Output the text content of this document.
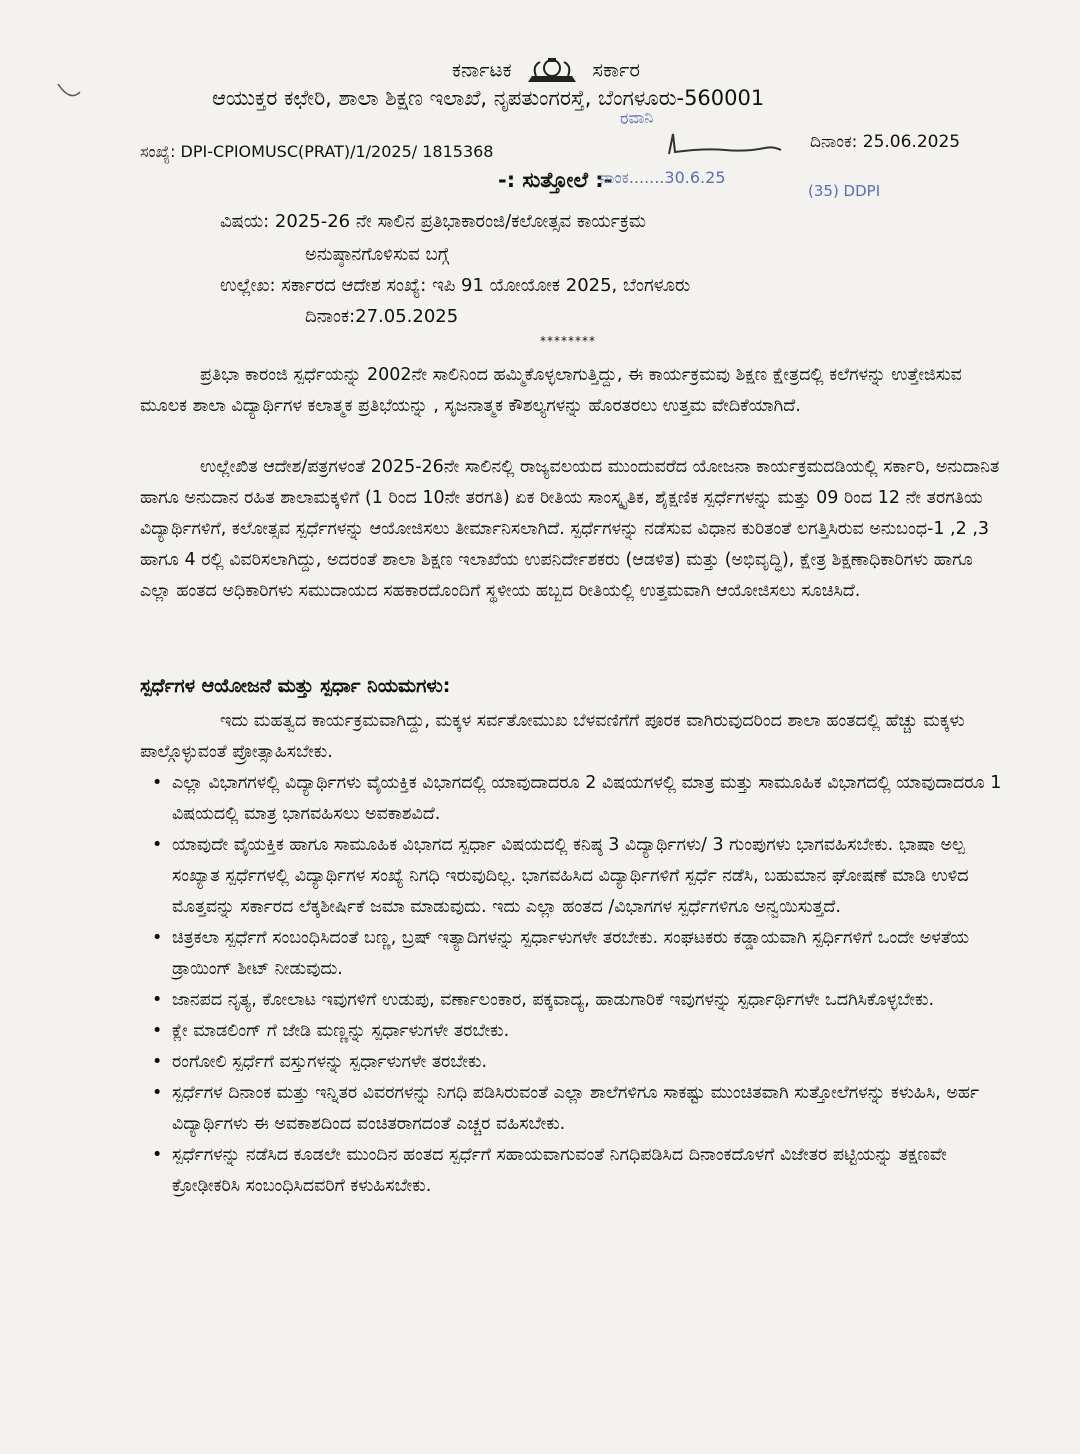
ಕರ್ನಾಟಕ	ಸರ್ಕಾರ
ಆಯುಕ್ತರ ಕಛೇರಿ, ಶಾಲಾ ಶಿಕ್ಷಣ ಇಲಾಖೆ, ನೃಪತುಂಗರಸ್ತೆ, ಬೆಂಗಳೂರು-560001
ರವಾನಿ
ಸಂಖ್ಯೆ: DPI-CPIOMUSC(PRAT)/1/2025/ 1815368	ದಿನಾಂಕ: 25.06.2025
-: ಸುತ್ತೋಲೆ :-
ನಾಂಕ.......30.6.25
(35) DDPI
ವಿಷಯ: 2025-26 ನೇ ಸಾಲಿನ ಪ್ರತಿಭಾಕಾರಂಜಿ/ಕಲೋತ್ಸವ ಕಾರ್ಯಕ್ರಮ
ಅನುಷ್ಠಾನಗೊಳಿಸುವ ಬಗ್ಗೆ
ಉಲ್ಲೇಖ: ಸರ್ಕಾರದ ಆದೇಶ ಸಂಖ್ಯೆ: ಇಪಿ 91 ಯೋಯೋಕ 2025, ಬೆಂಗಳೂರು
ದಿನಾಂಕ:27.05.2025
********
ಪ್ರತಿಭಾ ಕಾರಂಜಿ ಸ್ಪರ್ಧೆಯನ್ನು 2002ನೇ ಸಾಲಿನಿಂದ ಹಮ್ಮಿಕೊಳ್ಳಲಾಗುತ್ತಿದ್ದು, ಈ ಕಾರ್ಯಕ್ರಮವು ಶಿಕ್ಷಣ ಕ್ಷೇತ್ರದಲ್ಲಿ ಕಲೆಗಳನ್ನು ಉತ್ತೇಜಿಸುವ ಮೂಲಕ ಶಾಲಾ ವಿದ್ಯಾರ್ಥಿಗಳ ಕಲಾತ್ಮಕ ಪ್ರತಿಭೆಯನ್ನು , ಸೃಜನಾತ್ಮಕ ಕೌಶಲ್ಯಗಳನ್ನು ಹೊರತರಲು ಉತ್ತಮ ವೇದಿಕೆಯಾಗಿದೆ.
ಉಲ್ಲೇಖಿತ ಆದೇಶ/ಪತ್ರಗಳಂತೆ 2025-26ನೇ ಸಾಲಿನಲ್ಲಿ ರಾಜ್ಯವಲಯದ ಮುಂದುವರೆದ ಯೋಜನಾ ಕಾರ್ಯಕ್ರಮದಡಿಯಲ್ಲಿ ಸರ್ಕಾರಿ, ಅನುದಾನಿತ ಹಾಗೂ ಅನುದಾನ ರಹಿತ ಶಾಲಾಮಕ್ಕಳಿಗೆ (1 ರಿಂದ 10ನೇ ತರಗತಿ) ಏಕ ರೀತಿಯ ಸಾಂಸ್ಕೃತಿಕ, ಶೈಕ್ಷಣಿಕ ಸ್ಪರ್ಧೆಗಳನ್ನು ಮತ್ತು 09 ರಿಂದ 12 ನೇ ತರಗತಿಯ ವಿದ್ಯಾರ್ಥಿಗಳಿಗೆ, ಕಲೋತ್ಸವ ಸ್ಪರ್ಧೆಗಳನ್ನು ಆಯೋಜಿಸಲು ತೀರ್ಮಾನಿಸಲಾಗಿದೆ. ಸ್ಪರ್ಧೆಗಳನ್ನು ನಡೆಸುವ ವಿಧಾನ ಕುರಿತಂತೆ ಲಗತ್ತಿಸಿರುವ ಅನುಬಂಧ-1 ,2 ,3 ಹಾಗೂ 4 ರಲ್ಲಿ ವಿವರಿಸಲಾಗಿದ್ದು, ಅದರಂತೆ ಶಾಲಾ ಶಿಕ್ಷಣ ಇಲಾಖೆಯ ಉಪನಿರ್ದೇಶಕರು (ಆಡಳಿತ) ಮತ್ತು (ಅಭಿವೃದ್ಧಿ), ಕ್ಷೇತ್ರ ಶಿಕ್ಷಣಾಧಿಕಾರಿಗಳು ಹಾಗೂ ಎಲ್ಲಾ ಹಂತದ ಅಧಿಕಾರಿಗಳು ಸಮುದಾಯದ ಸಹಕಾರದೊಂದಿಗೆ ಸ್ಥಳೀಯ ಹಬ್ಬದ ರೀತಿಯಲ್ಲಿ ಉತ್ತಮವಾಗಿ ಆಯೋಜಿಸಲು ಸೂಚಿಸಿದೆ.
ಸ್ಪರ್ಧೆಗಳ ಆಯೋಜನೆ ಮತ್ತು ಸ್ಪರ್ಧಾ ನಿಯಮಗಳು:
ಇದು ಮಹತ್ವದ ಕಾರ್ಯಕ್ರಮವಾಗಿದ್ದು, ಮಕ್ಕಳ ಸರ್ವತೋಮುಖ ಬೆಳವಣಿಗೆಗೆ ಪೂರಕ ವಾಗಿರುವುದರಿಂದ ಶಾಲಾ ಹಂತದಲ್ಲಿ ಹೆಚ್ಚು ಮಕ್ಕಳು ಪಾಲ್ಗೊಳ್ಳುವಂತೆ ಪ್ರೋತ್ಸಾಹಿಸಬೇಕು.
• ಎಲ್ಲಾ ವಿಭಾಗಗಳಲ್ಲಿ ವಿದ್ಯಾರ್ಥಿಗಳು ವೈಯಕ್ತಿಕ ವಿಭಾಗದಲ್ಲಿ ಯಾವುದಾದರೂ 2 ವಿಷಯಗಳಲ್ಲಿ ಮಾತ್ರ ಮತ್ತು ಸಾಮೂಹಿಕ ವಿಭಾಗದಲ್ಲಿ ಯಾವುದಾದರೂ 1 ವಿಷಯದಲ್ಲಿ ಮಾತ್ರ ಭಾಗವಹಿಸಲು ಅವಕಾಶವಿದೆ.
• ಯಾವುದೇ ವೈಯಕ್ತಿಕ ಹಾಗೂ ಸಾಮೂಹಿಕ ವಿಭಾಗದ ಸ್ಪರ್ಧಾ ವಿಷಯದಲ್ಲಿ ಕನಿಷ್ಠ 3 ವಿದ್ಯಾರ್ಥಿಗಳು/ 3 ಗುಂಪುಗಳು ಭಾಗವಹಿಸಬೇಕು. ಭಾಷಾ ಅಲ್ಪ ಸಂಖ್ಯಾತ ಸ್ಪರ್ಧೆಗಳಲ್ಲಿ ವಿದ್ಯಾರ್ಥಿಗಳ ಸಂಖ್ಯೆ ನಿಗಧಿ ಇರುವುದಿಲ್ಲ. ಭಾಗವಹಿಸಿದ ವಿದ್ಯಾರ್ಥಿಗಳಿಗೆ ಸ್ಪರ್ಧೆ ನಡೆಸಿ, ಬಹುಮಾನ ಘೋಷಣೆ ಮಾಡಿ ಉಳಿದ ಮೊತ್ತವನ್ನು ಸರ್ಕಾರದ ಲೆಕ್ಕಶೀರ್ಷಿಕೆ ಜಮಾ ಮಾಡುವುದು. ಇದು ಎಲ್ಲಾ ಹಂತದ /ವಿಭಾಗಗಳ ಸ್ಪರ್ಧೆಗಳಿಗೂ ಅನ್ವಯಿಸುತ್ತದೆ.
• ಚಿತ್ರಕಲಾ ಸ್ಪರ್ಧೆಗೆ ಸಂಬಂಧಿಸಿದಂತೆ ಬಣ್ಣ, ಬ್ರಷ್ ಇತ್ಯಾದಿಗಳನ್ನು ಸ್ಪರ್ಧಾಳುಗಳೇ ತರಬೇಕು. ಸಂಘಟಕರು ಕಡ್ಡಾಯವಾಗಿ ಸ್ಪರ್ಧಿಗಳಿಗೆ ಒಂದೇ ಅಳತೆಯ ಡ್ರಾಯಿಂಗ್ ಶೀಟ್ ನೀಡುವುದು.
• ಜಾನಪದ ನೃತ್ಯ, ಕೋಲಾಟ ಇವುಗಳಿಗೆ ಉಡುಪು, ವರ್ಣಾಲಂಕಾರ, ಪಕ್ಕವಾದ್ಯ, ಹಾಡುಗಾರಿಕೆ ಇವುಗಳನ್ನು ಸ್ಪರ್ಧಾರ್ಥಿಗಳೇ ಒದಗಿಸಿಕೊಳ್ಳಬೇಕು.
• ಕ್ಲೇ ಮಾಡಲಿಂಗ್ ಗೆ ಜೇಡಿ ಮಣ್ಣನ್ನು ಸ್ಪರ್ಧಾಳುಗಳೇ ತರಬೇಕು.
• ರಂಗೋಲಿ ಸ್ಪರ್ಧೆಗೆ ವಸ್ತುಗಳನ್ನು ಸ್ಪರ್ಧಾಳುಗಳೇ ತರಬೇಕು.
• ಸ್ಪರ್ಧೆಗಳ ದಿನಾಂಕ ಮತ್ತು ಇನ್ನಿತರ ವಿವರಗಳನ್ನು ನಿಗಧಿ ಪಡಿಸಿರುವಂತೆ ಎಲ್ಲಾ ಶಾಲೆಗಳಿಗೂ ಸಾಕಷ್ಟು ಮುಂಚಿತವಾಗಿ ಸುತ್ತೋಲೆಗಳನ್ನು ಕಳುಹಿಸಿ, ಅರ್ಹ ವಿದ್ಯಾರ್ಥಿಗಳು ಈ ಅವಕಾಶದಿಂದ ವಂಚಿತರಾಗದಂತೆ ಎಚ್ಚರ ವಹಿಸಬೇಕು.
• ಸ್ಪರ್ಧೆಗಳನ್ನು ನಡೆಸಿದ ಕೂಡಲೇ ಮುಂದಿನ ಹಂತದ ಸ್ಪರ್ಧೆಗೆ ಸಹಾಯವಾಗುವಂತೆ ನಿಗಧಿಪಡಿಸಿದ ದಿನಾಂಕದೊಳಗೆ ವಿಜೇತರ ಪಟ್ಟಿಯನ್ನು ತಕ್ಷಣವೇ ಕ್ರೋಢೀಕರಿಸಿ ಸಂಬಂಧಿಸಿದವರಿಗೆ ಕಳುಹಿಸಬೇಕು.
